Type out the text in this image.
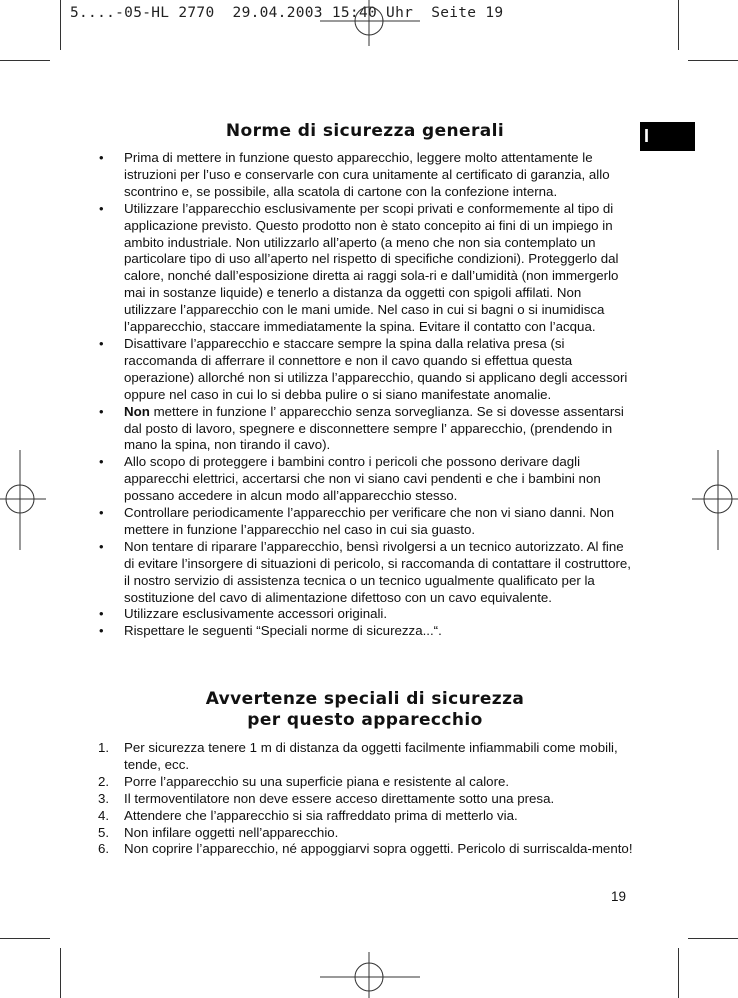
5....-05-HL 2770  29.04.2003 15:40 Uhr  Seite 19
I
Norme di sicurezza generali
• Prima di mettere in funzione questo apparecchio, leggere molto attentamente le istruzioni per l’uso e conservarle con cura unitamente al certificato di garanzia, allo scontrino e, se possibile, alla scatola di cartone con la confezione interna.
• Utilizzare l’apparecchio esclusivamente per scopi privati e conformemente al tipo di applicazione previsto. Questo prodotto non è stato concepito ai fini di un impiego in ambito industriale. Non utilizzarlo all’aperto (a meno che non sia contemplato un particolare tipo di uso all’aperto nel rispetto di specifiche condizioni). Proteggerlo dal calore, nonché dall’esposizione diretta ai raggi sola-ri e dall’umidità (non immergerlo mai in sostanze liquide) e tenerlo a distanza da oggetti con spigoli affilati. Non utilizzare l’apparecchio con le mani umide. Nel caso in cui si bagni o si inumidisca l’apparecchio, staccare immediatamente la spina. Evitare il contatto con l’acqua.
• Disattivare l’apparecchio e staccare sempre la spina dalla relativa presa (si raccomanda di afferrare il connettore e non il cavo quando si effettua questa operazione) allorché non si utilizza l’apparecchio, quando si applicano degli accessori oppure nel caso in cui lo si debba pulire o si siano manifestate anomalie.
• Non mettere in funzione l’ apparecchio senza sorveglianza. Se si dovesse assentarsi dal posto di lavoro, spegnere e disconnettere sempre l’ apparecchio, (prendendo in mano la spina, non tirando il cavo).
• Allo scopo di proteggere i bambini contro i pericoli che possono derivare dagli apparecchi elettrici, accertarsi che non vi siano cavi pendenti e che i bambini non possano accedere in alcun modo all’apparecchio stesso.
• Controllare periodicamente l’apparecchio per verificare che non vi siano danni. Non mettere in funzione l’apparecchio nel caso in cui sia guasto.
• Non tentare di riparare l’apparecchio, bensì rivolgersi a un tecnico autorizzato. Al fine di evitare l’insorgere di situazioni di pericolo, si raccomanda di contattare il costruttore, il nostro servizio di assistenza tecnica o un tecnico ugualmente qualificato per la sostituzione del cavo di alimentazione difettoso con un cavo equivalente.
• Utilizzare esclusivamente accessori originali.
• Rispettare le seguenti “Speciali norme di sicurezza...“.
Avvertenze speciali di sicurezza
per questo apparecchio
1. Per sicurezza tenere 1 m di distanza da oggetti facilmente infiammabili come mobili, tende, ecc.
2. Porre l’apparecchio su una superficie piana e resistente al calore.
3. Il termoventilatore non deve essere acceso direttamente sotto una presa.
4. Attendere che l’apparecchio si sia raffreddato prima di metterlo via.
5. Non infilare oggetti nell’apparecchio.
6. Non coprire l’apparecchio, né appoggiarvi sopra oggetti. Pericolo di surriscalda-mento!
19
